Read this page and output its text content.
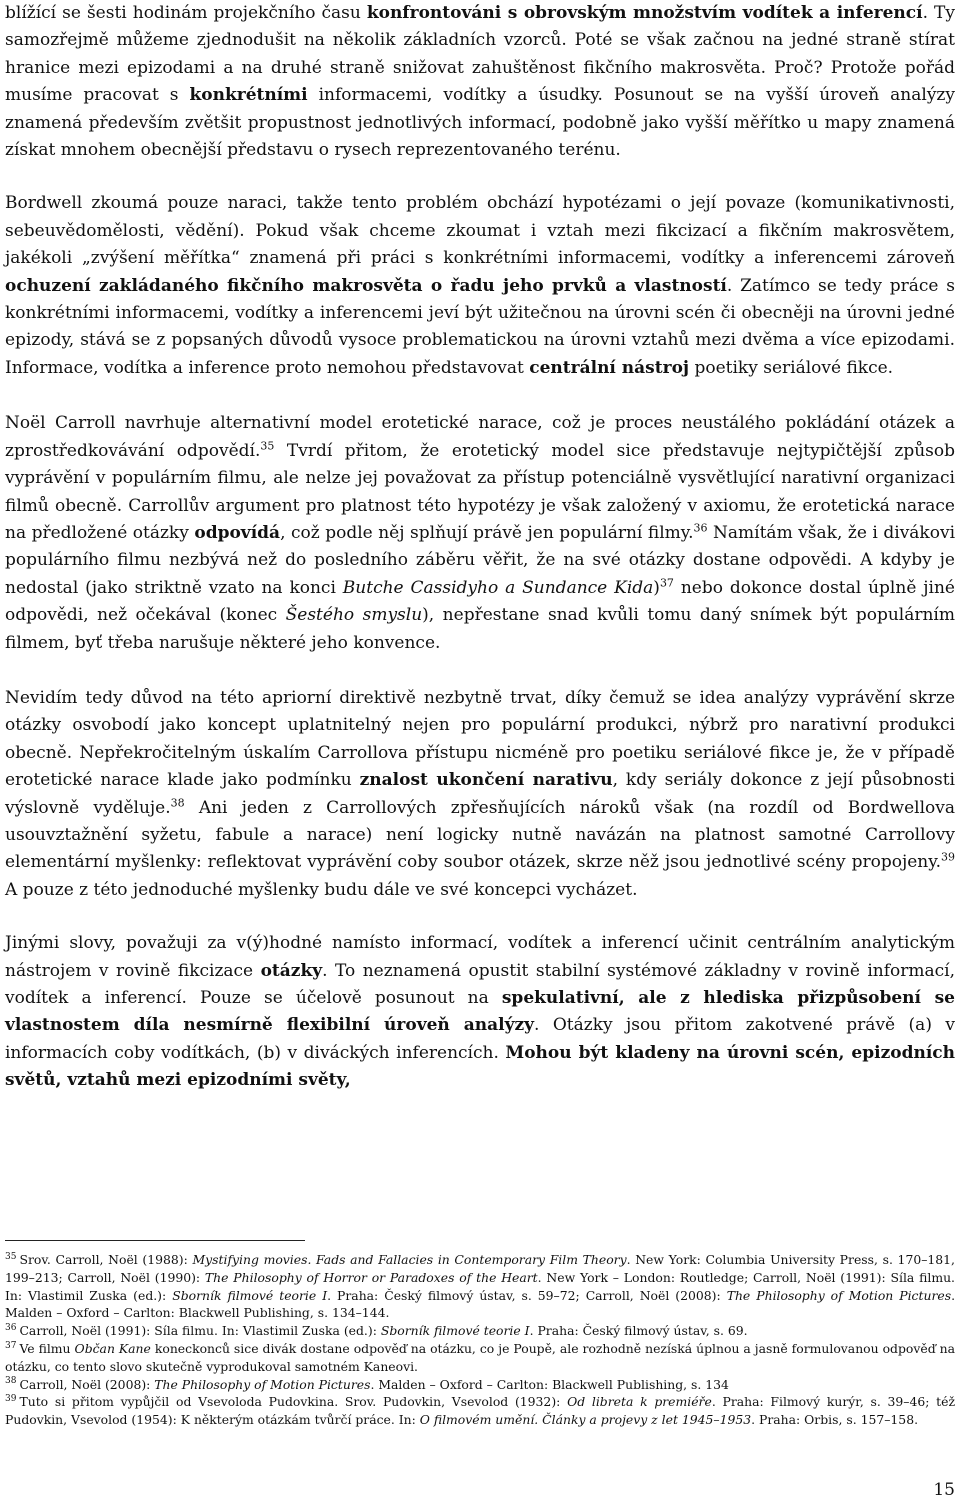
blížící se šesti hodinám projekčního času konfrontováni s obrovským množstvím vodítek a inferencí. Ty samozřejmě můžeme zjednodušit na několik základních vzorců. Poté se však začnou na jedné straně stírat hranice mezi epizodami a na druhé straně snižovat zahuštěnost fikčního makrosvěta. Proč? Protože pořád musíme pracovat s konkrétními informacemi, vodítky a úsudky. Posunout se na vyšší úroveň analýzy znamená především zvětšit propustnost jednotlivých informací, podobně jako vyšší měřítko u mapy znamená získat mnohem obecnější představu o rysech reprezentovaného terénu.

Bordwell zkoumá pouze naraci, takže tento problém obchází hypotézami o její povaze (komunikativnosti, sebeuvědomělosti, vědění). Pokud však chceme zkoumat i vztah mezi fikcizací a fikčním makrosvětem, jakékoli „zvýšení měřítka“ znamená při práci s konkrétními informacemi, vodítky a inferencemi zároveň ochuzení zakládaného fikčního makrosvěta o řadu jeho prvků a vlastností. Zatímco se tedy práce s konkrétními informacemi, vodítky a inferencemi jeví být užitečnou na úrovni scén či obecněji na úrovni jedné epizody, stává se z popsaných důvodů vysoce problematickou na úrovni vztahů mezi dvěma a více epizodami. Informace, vodítka a inference proto nemohou představovat centrální nástroj poetiky seriálové fikce.

Noël Carroll navrhuje alternativní model erotetické narace, což je proces neustálého pokládání otázek a zprostředkovávání odpovědí.$^{35}$ Tvrdí přitom, že erotetický model sice představuje nejtypičtější způsob vyprávění v populárním filmu, ale nelze jej považovat za přístup potenciálně vysvětlující narativní organizaci filmů obecně. Carrollův argument pro platnost této hypotézy je však založený v axiomu, že erotetická narace na předložené otázky odpovídá, což podle něj splňují právě jen populární filmy.$^{36}$ Namítám však, že i divákovi populárního filmu nezbývá než do posledního záběru věřit, že na své otázky dostane odpovědi. A kdyby je nedostal (jako striktně vzato na konci Butche Cassidyho a Sundance Kida)$^{37}$ nebo dokonce dostal úplně jiné odpovědi, než očekával (konec Šestého smyslu), nepřestane snad kvůli tomu daný snímek být populárním filmem, byť třeba narušuje některé jeho konvence.

Nevidím tedy důvod na této apriorní direktivě nezbytně trvat, díky čemuž se idea analýzy vyprávění skrze otázky osvobodí jako koncept uplatnitelný nejen pro populární produkci, nýbrž pro narativní produkci obecně. Nepřekročitelným úskalím Carrollova přístupu nicméně pro poetiku seriálové fikce je, že v případě erotetické narace klade jako podmínku znalost ukončení narativu, kdy seriály dokonce z její působnosti výslovně vyděluje.$^{38}$ Ani jeden z Carrollových zpřesňujících nároků však (na rozdíl od Bordwellova usouvztažnění syžetu, fabule a narace) není logicky nutně navázán na platnost samotné Carrollovy elementární myšlenky: reflektovat vyprávění coby soubor otázek, skrze něž jsou jednotlivé scény propojeny.$^{39}$ A pouze z této jednoduché myšlenky budu dále ve své koncepci vycházet.

Jinými slovy, považuji za v(ý)hodné namísto informací, vodítek a inferencí učinit centrálním analytickým nástrojem v rovině fikcizace otázky. To neznamená opustit stabilní systémové základny v rovině informací, vodítek a inferencí. Pouze se účelově posunout na spekulativní, ale z hlediska přizpůsobení se vlastnostem díla nesmírně flexibilní úroveň analýzy. Otázky jsou přitom zakotvené právě (a) v informacích coby vodítkách, (b) v diváckých inferencích. Mohou být kladeny na úrovni scén, epizodních světů, vztahů mezi epizodními světy,

$^{35}$ Srov. Carroll, Noël (1988): Mystifying movies. Fads and Fallacies in Contemporary Film Theory. New York: Columbia University Press, s. 170–181, 199–213; Carroll, Noël (1990): The Philosophy of Horror or Paradoxes of the Heart. New York – London: Routledge; Carroll, Noël (1991): Síla filmu. In: Vlastimil Zuska (ed.): Sborník filmové teorie I. Praha: Český filmový ústav, s. 59–72; Carroll, Noël (2008): The Philosophy of Motion Pictures. Malden – Oxford – Carlton: Blackwell Publishing, s. 134–144.

$^{36}$ Carroll, Noël (1991): Síla filmu. In: Vlastimil Zuska (ed.): Sborník filmové teorie I. Praha: Český filmový ústav, s. 69.

$^{37}$ Ve filmu Občan Kane koneckonců sice divák dostane odpověď na otázku, co je Poupě, ale rozhodně nezíská úplnou a jasně formulovanou odpověď na otázku, co tento slovo skutečně vyprodukoval samotném Kaneovi.

$^{38}$ Carroll, Noël (2008): The Philosophy of Motion Pictures. Malden – Oxford – Carlton: Blackwell Publishing, s. 134

$^{39}$ Tuto si přitom vypůjčil od Vsevoloda Pudovkina. Srov. Pudovkin, Vsevolod (1932): Od libreta k premiéře. Praha: Filmový kurýr, s. 39–46; též Pudovkin, Vsevolod (1954): K některým otázkám tvůrčí práce. In: O filmovém umění. Články a projevy z let 1945–1953. Praha: Orbis, s. 157–158.

15
